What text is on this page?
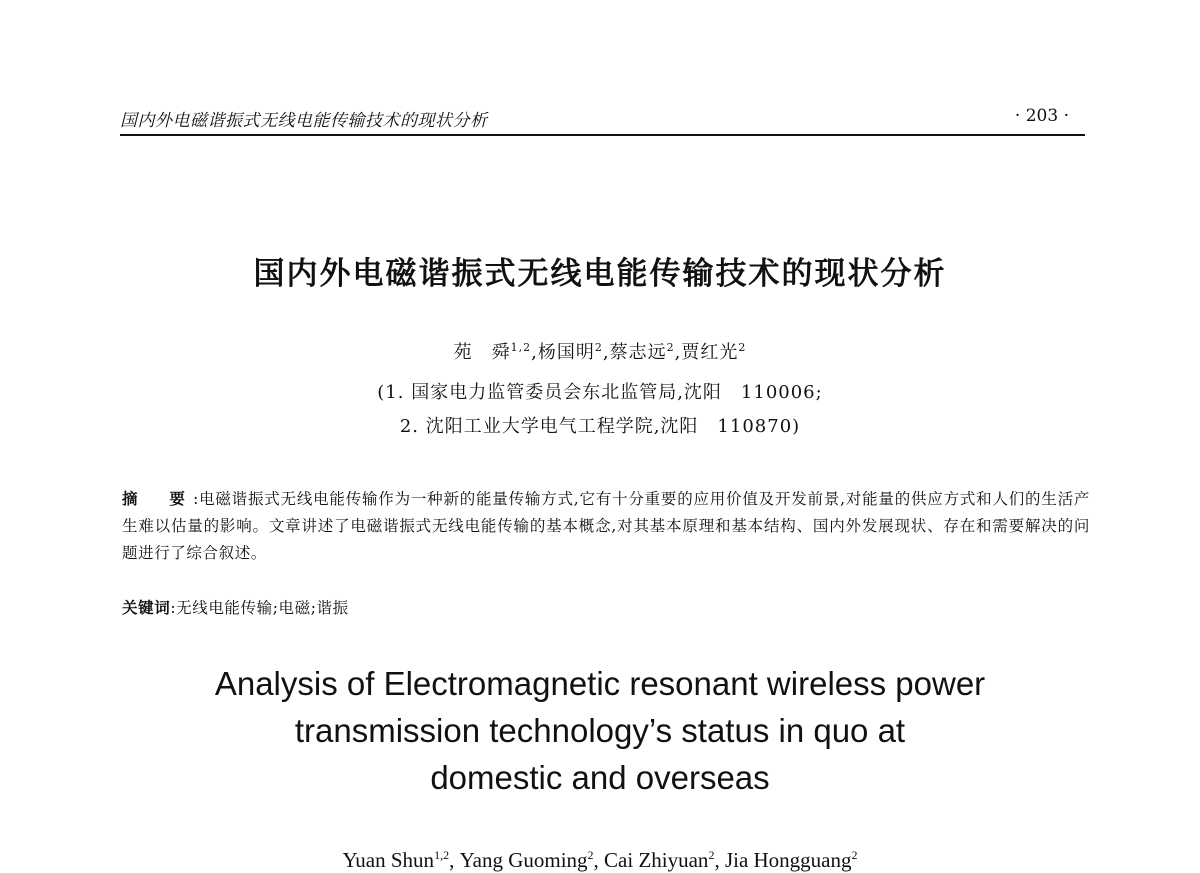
国内外电磁谐振式无线电能传输技术的现状分析	· 203 ·
国内外电磁谐振式无线电能传输技术的现状分析
苑　舜$^{1,2}$,杨国明$^2$,蔡志远$^2$,贾红光$^2$
(1. 国家电力监管委员会东北监管局,沈阳　110006;
2. 沈阳工业大学电气工程学院,沈阳　110870)
摘　要:电磁谐振式无线电能传输作为一种新的能量传输方式,它有十分重要的应用价值及开发前景,对能量的供应方式和人们的生活产生难以估量的影响。文章讲述了电磁谐振式无线电能传输的基本概念,对其基本原理和基本结构、国内外发展现状、存在和需要解决的问题进行了综合叙述。
关键词:无线电能传输;电磁;谐振
Analysis of Electromagnetic resonant wireless power
transmission technology’s status in quo at
domestic and overseas
Yuan Shun$^{1,2}$, Yang Guoming$^2$, Cai Zhiyuan$^2$, Jia Hongguang$^2$
